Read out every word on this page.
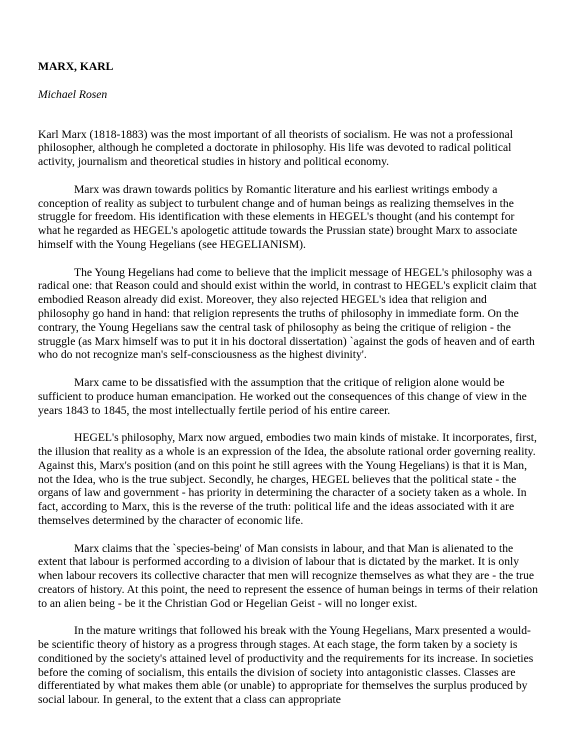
MARX, KARL
Michael Rosen

Karl Marx (1818-1883) was the most important of all theorists of socialism. He was not a professional philosopher, although he completed a doctorate in philosophy. His life was devoted to radical political activity, journalism and theoretical studies in history and political economy.

Marx was drawn towards politics by Romantic literature and his earliest writings embody a conception of reality as subject to turbulent change and of human beings as realizing themselves in the struggle for freedom. His identification with these elements in HEGEL's thought (and his contempt for what he regarded as HEGEL's apologetic attitude towards the Prussian state) brought Marx to associate himself with the Young Hegelians (see HEGELIANISM).

The Young Hegelians had come to believe that the implicit message of HEGEL's philosophy was a radical one: that Reason could and should exist within the world, in contrast to HEGEL's explicit claim that embodied Reason already did exist. Moreover, they also rejected HEGEL's idea that religion and philosophy go hand in hand: that religion represents the truths of philosophy in immediate form. On the contrary, the Young Hegelians saw the central task of philosophy as being the critique of religion - the struggle (as Marx himself was to put it in his doctoral dissertation) `against the gods of heaven and of earth who do not recognize man's self-consciousness as the highest divinity'.

Marx came to be dissatisfied with the assumption that the critique of religion alone would be sufficient to produce human emancipation. He worked out the consequences of this change of view in the years 1843 to 1845, the most intellectually fertile period of his entire career.

HEGEL's philosophy, Marx now argued, embodies two main kinds of mistake. It incorporates, first, the illusion that reality as a whole is an expression of the Idea, the absolute rational order governing reality. Against this, Marx's position (and on this point he still agrees with the Young Hegelians) is that it is Man, not the Idea, who is the true subject. Secondly, he charges, HEGEL believes that the political state - the organs of law and government - has priority in determining the character of a society taken as a whole. In fact, according to Marx, this is the reverse of the truth: political life and the ideas associated with it are themselves determined by the character of economic life.

Marx claims that the `species-being' of Man consists in labour, and that Man is alienated to the extent that labour is performed according to a division of labour that is dictated by the market. It is only when labour recovers its collective character that men will recognize themselves as what they are - the true creators of history. At this point, the need to represent the essence of human beings in terms of their relation to an alien being - be it the Christian God or Hegelian Geist - will no longer exist.

In the mature writings that followed his break with the Young Hegelians, Marx presented a would-be scientific theory of history as a progress through stages. At each stage, the form taken by a society is conditioned by the society's attained level of productivity and the requirements for its increase. In societies before the coming of socialism, this entails the division of society into antagonistic classes. Classes are differentiated by what makes them able (or unable) to appropriate for themselves the surplus produced by social labour. In general, to the extent that a class can appropriate
